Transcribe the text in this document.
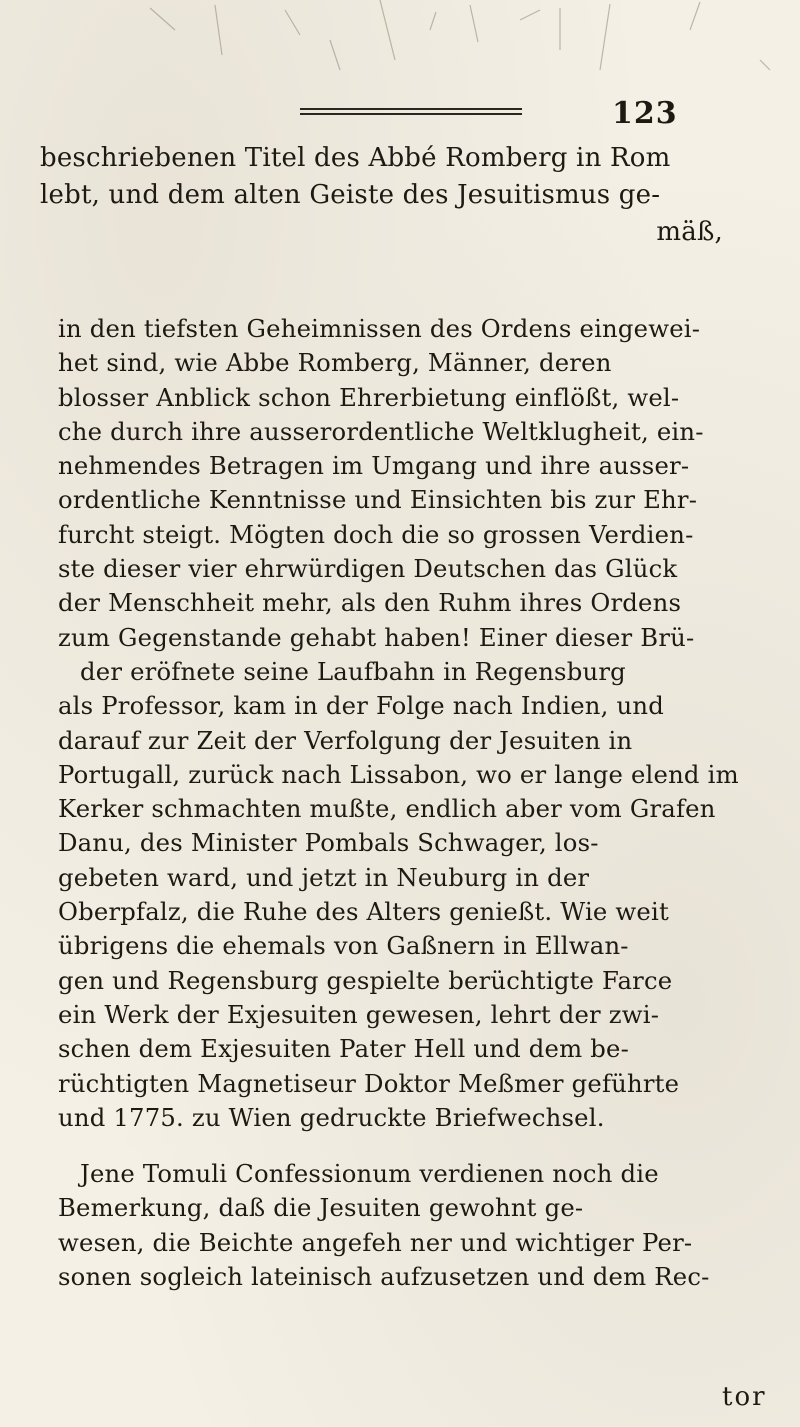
123
beschriebenen Titel des Abbé Romberg in Rom
lebt, und dem alten Geiste des Jesuitismus ge-
mäß,
in den tiefsten Geheimnissen des Ordens eingewei-
het sind, wie Abbe Romberg, Männer, deren
blosser Anblick schon Ehrerbietung einflößt, wel-
che durch ihre ausserordentliche Weltklugheit, ein-
nehmendes Betragen im Umgang und ihre ausser-
ordentliche Kenntnisse und Einsichten bis zur Ehr-
furcht steigt. Mögten doch die so grossen Verdien-
ste dieser vier ehrwürdigen Deutschen das Glück
der Menschheit mehr, als den Ruhm ihres Ordens
zum Gegenstande gehabt haben! Einer dieser Brü-
der eröfnete seine Laufbahn in Regensburg
als Professor, kam in der Folge nach Indien, und
darauf zur Zeit der Verfolgung der Jesuiten in
Portugall, zurück nach Lissabon, wo er lange elend im
Kerker schmachten mußte, endlich aber vom Grafen
Danu, des Minister Pombals Schwager, los-
gebeten ward, und jetzt in Neuburg in der
Oberpfalz, die Ruhe des Alters genießt. Wie weit
übrigens die ehemals von Gaßnern in Ellwan-
gen und Regensburg gespielte berüchtigte Farce
ein Werk der Exjesuiten gewesen, lehrt der zwi-
schen dem Exjesuiten Pater Hell und dem be-
rüchtigten Magnetiseur Doktor Meßmer geführte
und 1775. zu Wien gedruckte Briefwechsel.
Jene Tomuli Confessionum verdienen noch die
Bemerkung, daß die Jesuiten gewohnt ge-
wesen, die Beichte angefeh ner und wichtiger Per-
sonen sogleich lateinisch aufzusetzen und dem Rec-
tor
